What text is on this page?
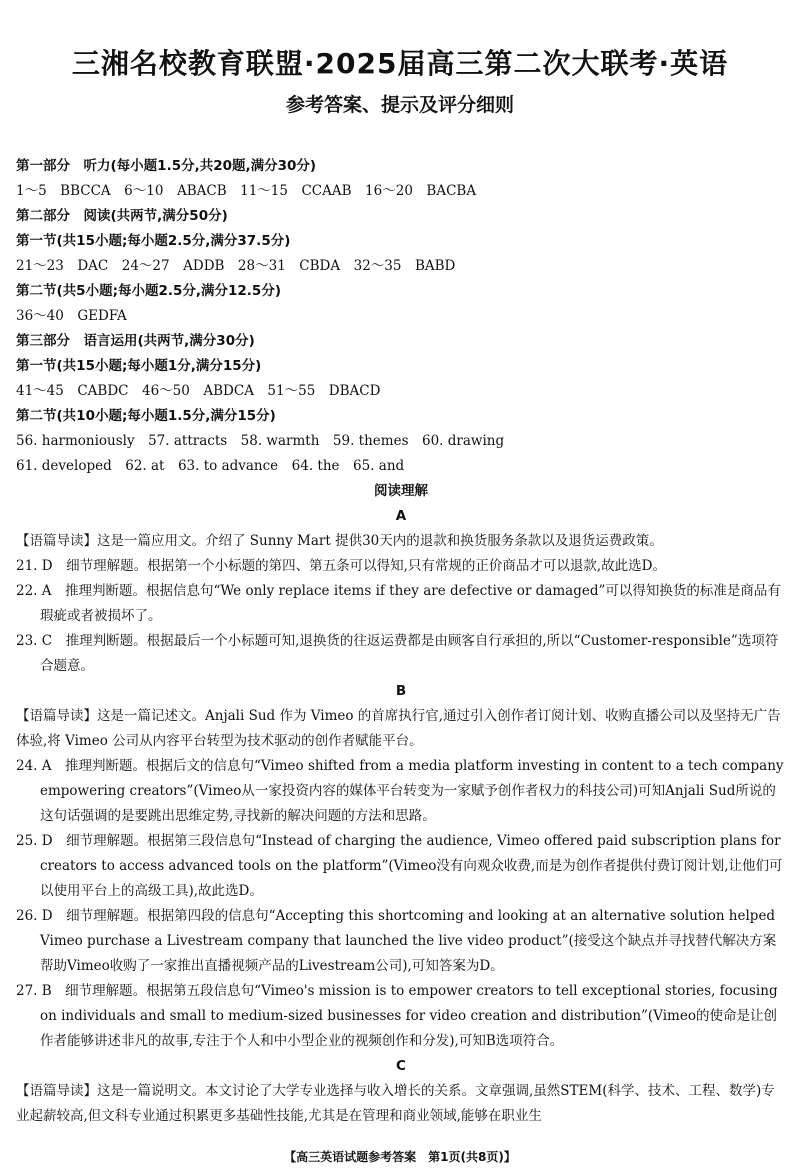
三湘名校教育联盟·2025届高三第二次大联考·英语
参考答案、提示及评分细则
第一部分　听力(每小题1.5分,共20题,满分30分)
1～5　BBCCA　6～10　ABACB　11～15　CCAAB　16～20　BACBA
第二部分　阅读(共两节,满分50分)
第一节(共15小题;每小题2.5分,满分37.5分)
21～23　DAC　24～27　ADDB　28～31　CBDA　32～35　BABD
第二节(共5小题;每小题2.5分,满分12.5分)
36～40　GEDFA
第三部分　语言运用(共两节,满分30分)
第一节(共15小题;每小题1分,满分15分)
41～45　CABDC　46～50　ABDCA　51～55　DBACD
第二节(共10小题;每小题1.5分,满分15分)
56. harmoniously　57. attracts　58. warmth　59. themes　60. drawing
61. developed　62. at　63. to advance　64. the　65. and
阅读理解
A
【语篇导读】这是一篇应用文。介绍了 Sunny Mart 提供30天内的退款和换货服务条款以及退货运费政策。
21. D　细节理解题。根据第一个小标题的第四、第五条可以得知,只有常规的正价商品才可以退款,故此选D。
22. A　推理判断题。根据信息句“We only replace items if they are defective or damaged”可以得知换货的标准是商品有瑕疵或者被损坏了。
23. C　推理判断题。根据最后一个小标题可知,退换货的往返运费都是由顾客自行承担的,所以“Customer-responsible”选项符合题意。
B
【语篇导读】这是一篇记述文。Anjali Sud 作为 Vimeo 的首席执行官,通过引入创作者订阅计划、收购直播公司以及坚持无广告体验,将 Vimeo 公司从内容平台转型为技术驱动的创作者赋能平台。
24. A　推理判断题。根据后文的信息句“Vimeo shifted from a media platform investing in content to a tech company empowering creators”(Vimeo从一家投资内容的媒体平台转变为一家赋予创作者权力的科技公司)可知Anjali Sud所说的这句话强调的是要跳出思维定势,寻找新的解决问题的方法和思路。
25. D　细节理解题。根据第三段信息句“Instead of charging the audience, Vimeo offered paid subscription plans for creators to access advanced tools on the platform”(Vimeo没有向观众收费,而是为创作者提供付费订阅计划,让他们可以使用平台上的高级工具),故此选D。
26. D　细节理解题。根据第四段的信息句“Accepting this shortcoming and looking at an alternative solution helped Vimeo purchase a Livestream company that launched the live video product”(接受这个缺点并寻找替代解决方案帮助Vimeo收购了一家推出直播视频产品的Livestream公司),可知答案为D。
27. B　细节理解题。根据第五段信息句“Vimeo's mission is to empower creators to tell exceptional stories, focusing on individuals and small to medium-sized businesses for video creation and distribution”(Vimeo的使命是让创作者能够讲述非凡的故事,专注于个人和中小型企业的视频创作和分发),可知B选项符合。
C
【语篇导读】这是一篇说明文。本文讨论了大学专业选择与收入增长的关系。文章强调,虽然STEM(科学、技术、工程、数学)专业起薪较高,但文科专业通过积累更多基础性技能,尤其是在管理和商业领域,能够在职业生
【高三英语试题参考答案　第1页(共8页)】
